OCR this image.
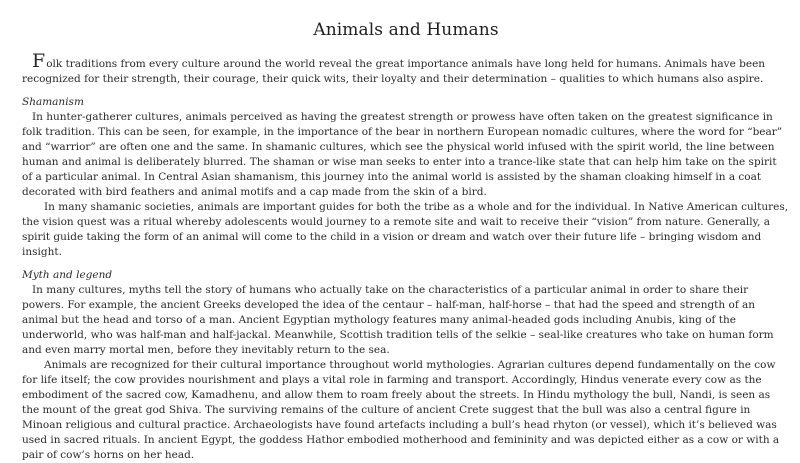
Animals and Humans

Folk traditions from every culture around the world reveal the great importance animals have long held for humans. Animals have been recognized for their strength, their courage, their quick wits, their loyalty and their determination – qualities to which humans also aspire.

Shamanism

In hunter-gatherer cultures, animals perceived as having the greatest strength or prowess have often taken on the greatest significance in folk tradition. This can be seen, for example, in the importance of the bear in northern European nomadic cultures, where the word for “bear” and “warrior” are often one and the same. In shamanic cultures, which see the physical world infused with the spirit world, the line between human and animal is deliberately blurred. The shaman or wise man seeks to enter into a trance-like state that can help him take on the spirit of a particular animal. In Central Asian shamanism, this journey into the animal world is assisted by the shaman cloaking himself in a coat decorated with bird feathers and animal motifs and a cap made from the skin of a bird.

In many shamanic societies, animals are important guides for both the tribe as a whole and for the individual. In Native American cultures, the vision quest was a ritual whereby adolescents would journey to a remote site and wait to receive their “vision” from nature. Generally, a spirit guide taking the form of an animal will come to the child in a vision or dream and watch over their future life – bringing wisdom and insight.

Myth and legend

In many cultures, myths tell the story of humans who actually take on the characteristics of a particular animal in order to share their powers. For example, the ancient Greeks developed the idea of the centaur – half-man, half-horse – that had the speed and strength of an animal but the head and torso of a man. Ancient Egyptian mythology features many animal-headed gods including Anubis, king of the underworld, who was half-man and half-jackal. Meanwhile, Scottish tradition tells of the selkie – seal-like creatures who take on human form and even marry mortal men, before they inevitably return to the sea.

Animals are recognized for their cultural importance throughout world mythologies. Agrarian cultures depend fundamentally on the cow for life itself; the cow provides nourishment and plays a vital role in farming and transport. Accordingly, Hindus venerate every cow as the embodiment of the sacred cow, Kamadhenu, and allow them to roam freely about the streets. In Hindu mythology the bull, Nandi, is seen as the mount of the great god Shiva. The surviving remains of the culture of ancient Crete suggest that the bull was also a central figure in Minoan religious and cultural practice. Archaeologists have found artefacts including a bull’s head rhyton (or vessel), which it’s believed was used in sacred rituals. In ancient Egypt, the goddess Hathor embodied motherhood and femininity and was depicted either as a cow or with a pair of cow’s horns on her head.
